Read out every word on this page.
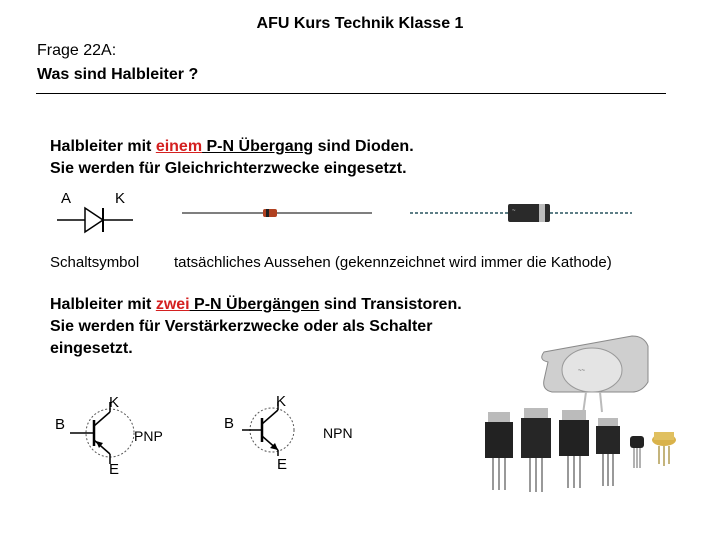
AFU Kurs Technik Klasse 1
Frage 22A:
Was sind Halbleiter ?
Halbleiter mit einem P-N Übergang sind Dioden.
Sie werden für Gleichrichterzwecke eingesetzt.
A	K
~
Schaltsymbol tatsächliches Aussehen (gekennzeichnet wird immer die Kathode)
Halbleiter mit zwei P-N Übergängen sind Transistoren.
Sie werden für Verstärkerzwecke oder als Schalter
eingesetzt.
B
K
E
PNP
B
K
E
NPN
~~
